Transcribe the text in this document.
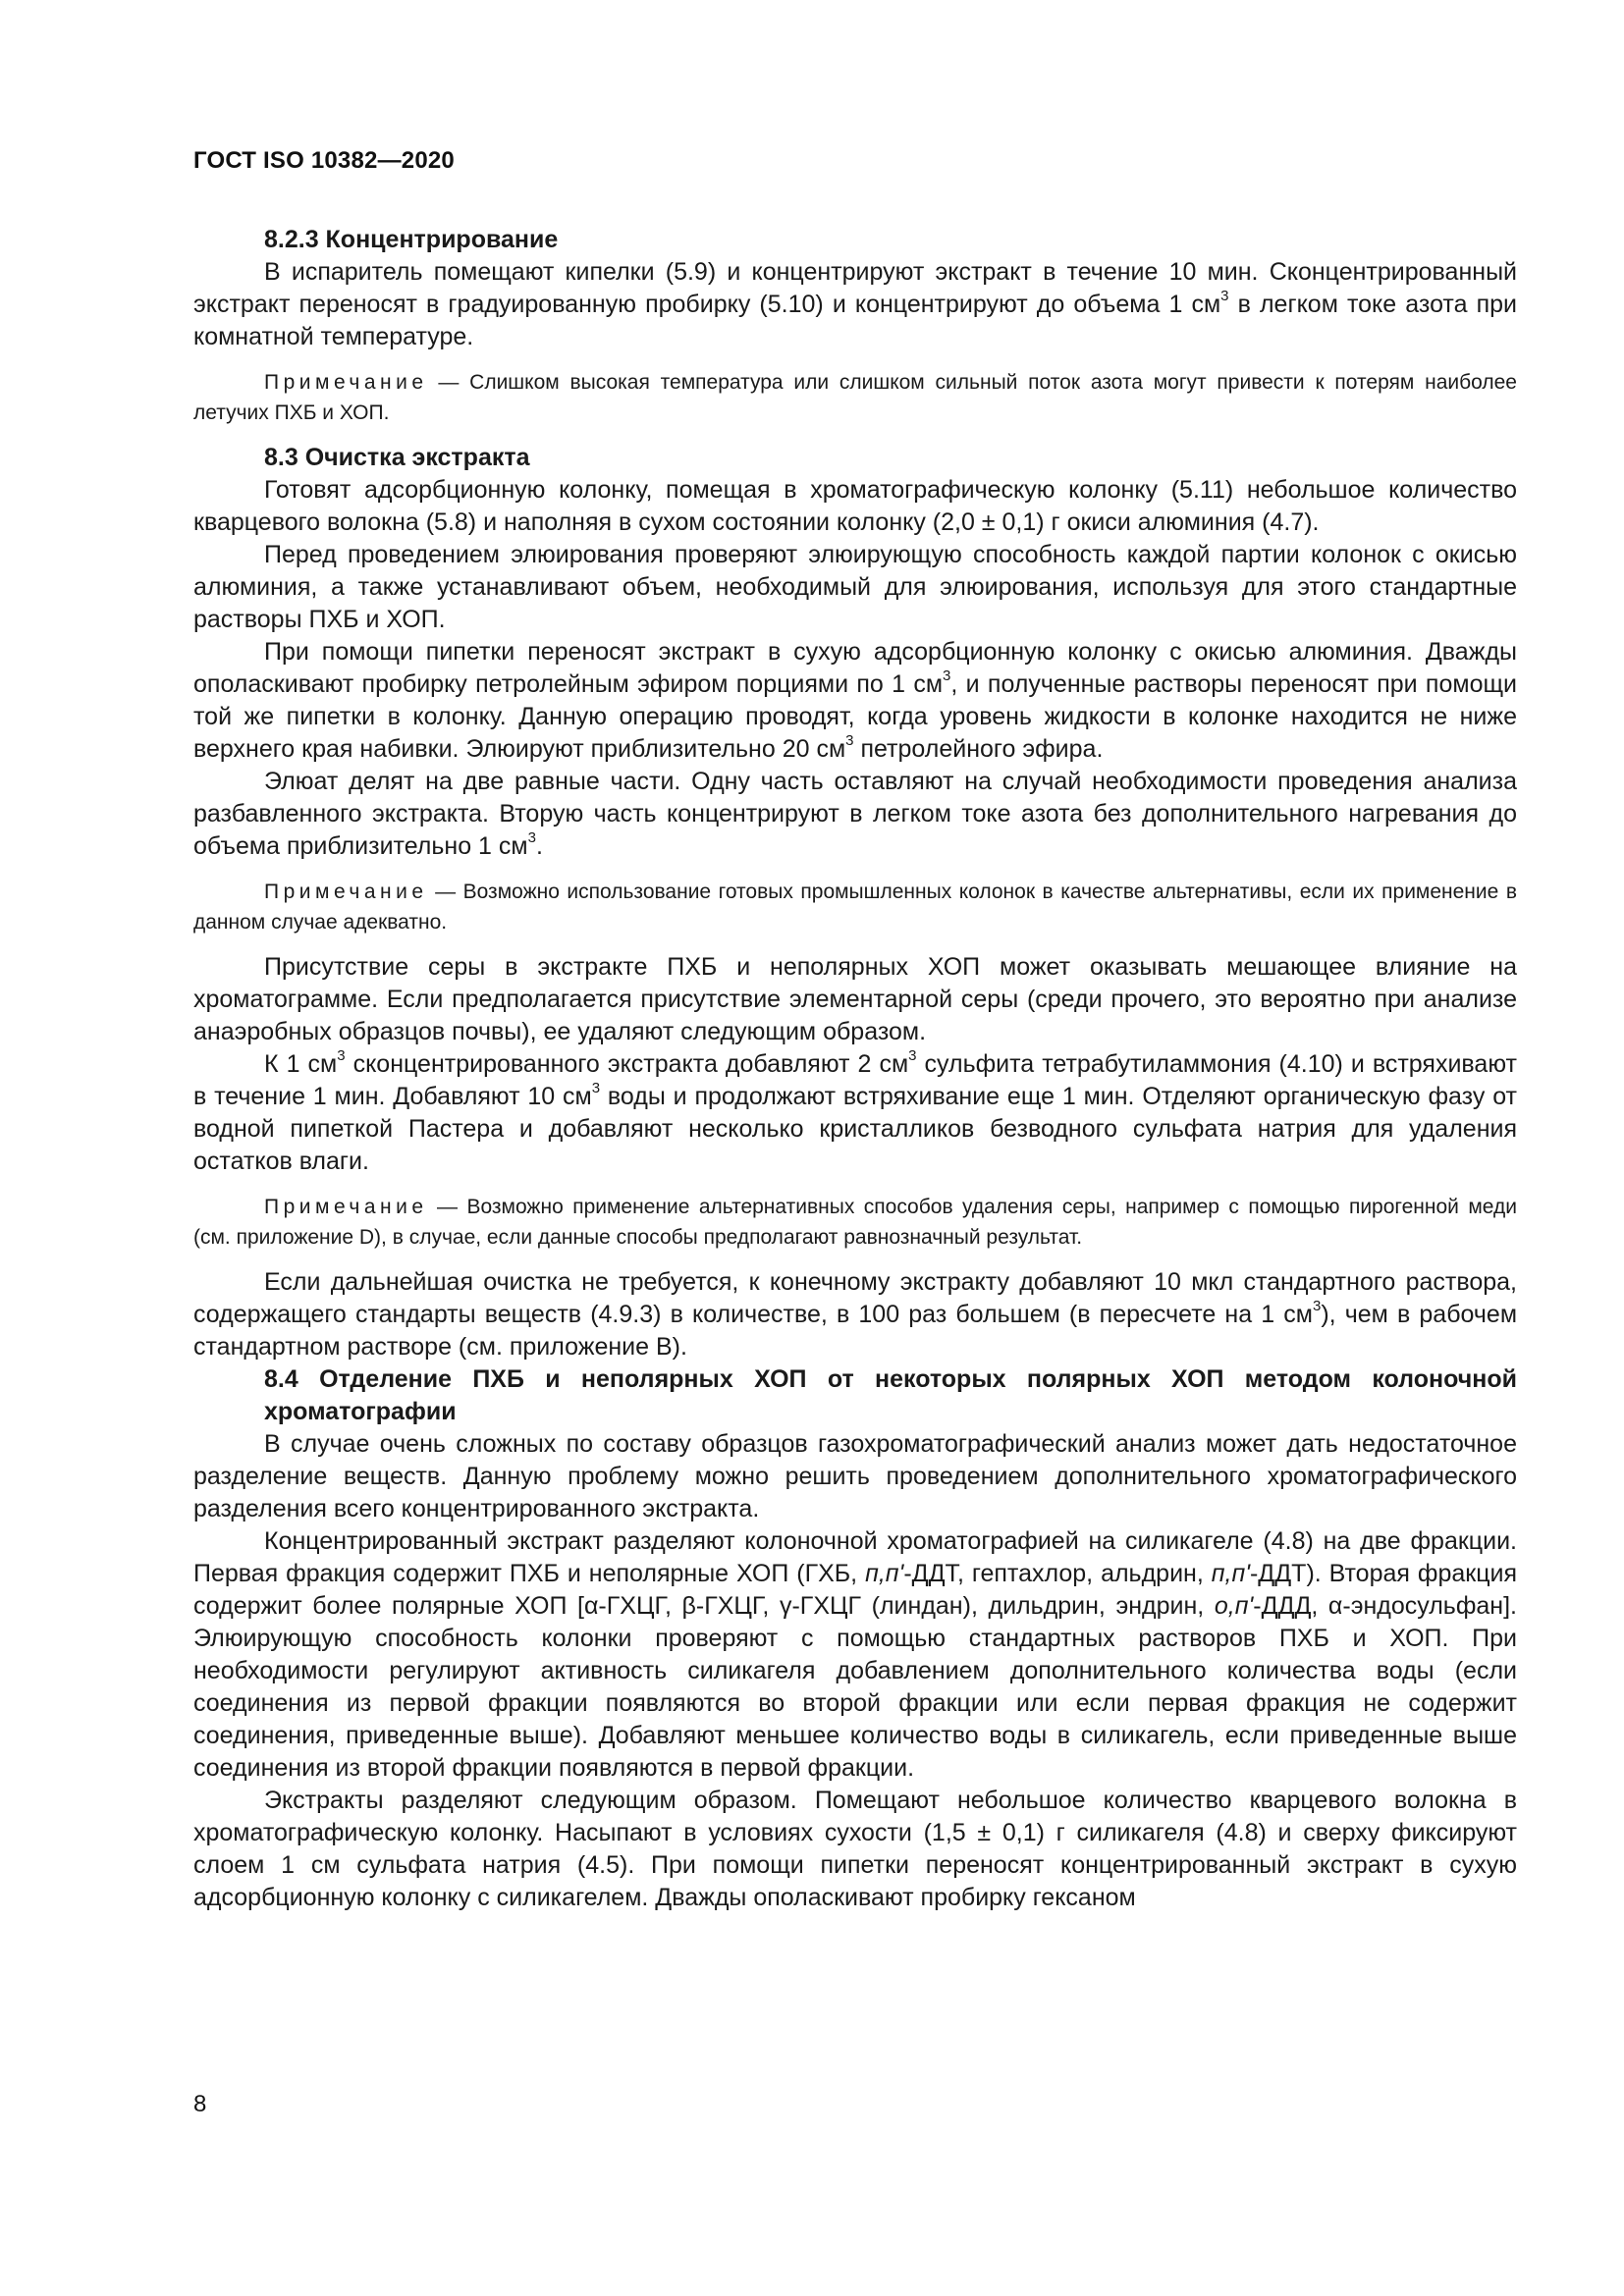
ГОСТ ISO 10382—2020

8.2.3 Концентрирование

В испаритель помещают кипелки (5.9) и концентрируют экстракт в течение 10 мин. Сконцентрированный экстракт переносят в градуированную пробирку (5.10) и концентрируют до объема 1 $см^3$ в легком токе азота при комнатной температуре.

Примечание — Слишком высокая температура или слишком сильный поток азота могут привести к потерям наиболее летучих ПХБ и ХОП.

8.3 Очистка экстракта

Готовят адсорбционную колонку, помещая в хроматографическую колонку (5.11) небольшое количество кварцевого волокна (5.8) и наполняя в сухом состоянии колонку (2,0 ± 0,1) г окиси алюминия (4.7).

Перед проведением элюирования проверяют элюирующую способность каждой партии колонок с окисью алюминия, а также устанавливают объем, необходимый для элюирования, используя для этого стандартные растворы ПХБ и ХОП.

При помощи пипетки переносят экстракт в сухую адсорбционную колонку с окисью алюминия. Дважды ополаскивают пробирку петролейным эфиром порциями по 1 $см^3$, и полученные растворы переносят при помощи той же пипетки в колонку. Данную операцию проводят, когда уровень жидкости в колонке находится не ниже верхнего края набивки. Элюируют приблизительно 20 $см^3$ петролейного эфира.

Элюат делят на две равные части. Одну часть оставляют на случай необходимости проведения анализа разбавленного экстракта. Вторую часть концентрируют в легком токе азота без дополнительного нагревания до объема приблизительно 1 $см^3$.

Примечание — Возможно использование готовых промышленных колонок в качестве альтернативы, если их применение в данном случае адекватно.

Присутствие серы в экстракте ПХБ и неполярных ХОП может оказывать мешающее влияние на хроматограмме. Если предполагается присутствие элементарной серы (среди прочего, это вероятно при анализе анаэробных образцов почвы), ее удаляют следующим образом.

К 1 $см^3$ сконцентрированного экстракта добавляют 2 $см^3$ сульфита тетрабутиламмония (4.10) и встряхивают в течение 1 мин. Добавляют 10 $см^3$ воды и продолжают встряхивание еще 1 мин. Отделяют органическую фазу от водной пипеткой Пастера и добавляют несколько кристалликов безводного сульфата натрия для удаления остатков влаги.

Примечание — Возможно применение альтернативных способов удаления серы, например с помощью пирогенной меди (см. приложение D), в случае, если данные способы предполагают равнозначный результат.

Если дальнейшая очистка не требуется, к конечному экстракту добавляют 10 мкл стандартного раствора, содержащего стандарты веществ (4.9.3) в количестве, в 100 раз большем (в пересчете на 1 $см^3$), чем в рабочем стандартном растворе (см. приложение B).

8.4 Отделение ПХБ и неполярных ХОП от некоторых полярных ХОП методом колоночной хроматографии

В случае очень сложных по составу образцов газохроматографический анализ может дать недостаточное разделение веществ. Данную проблему можно решить проведением дополнительного хроматографического разделения всего концентрированного экстракта.

Концентрированный экстракт разделяют колоночной хроматографией на силикагеле (4.8) на две фракции. Первая фракция содержит ПХБ и неполярные ХОП (ГХБ, п,п'-ДДТ, гептахлор, альдрин, п,п'-ДДТ). Вторая фракция содержит более полярные ХОП [α-ГХЦГ, β-ГХЦГ, γ-ГХЦГ (линдан), дильдрин, эндрин, о,п'-ДДД, α-эндосульфан]. Элюирующую способность колонки проверяют с помощью стандартных растворов ПХБ и ХОП. При необходимости регулируют активность силикагеля добавлением дополнительного количества воды (если соединения из первой фракции появляются во второй фракции или если первая фракция не содержит соединения, приведенные выше). Добавляют меньшее количество воды в силикагель, если приведенные выше соединения из второй фракции появляются в первой фракции.

Экстракты разделяют следующим образом. Помещают небольшое количество кварцевого волокна в хроматографическую колонку. Насыпают в условиях сухости (1,5 ± 0,1) г силикагеля (4.8) и сверху фиксируют слоем 1 см сульфата натрия (4.5). При помощи пипетки переносят концентрированный экстракт в сухую адсорбционную колонку с силикагелем. Дважды ополаскивают пробирку гексаном

8
